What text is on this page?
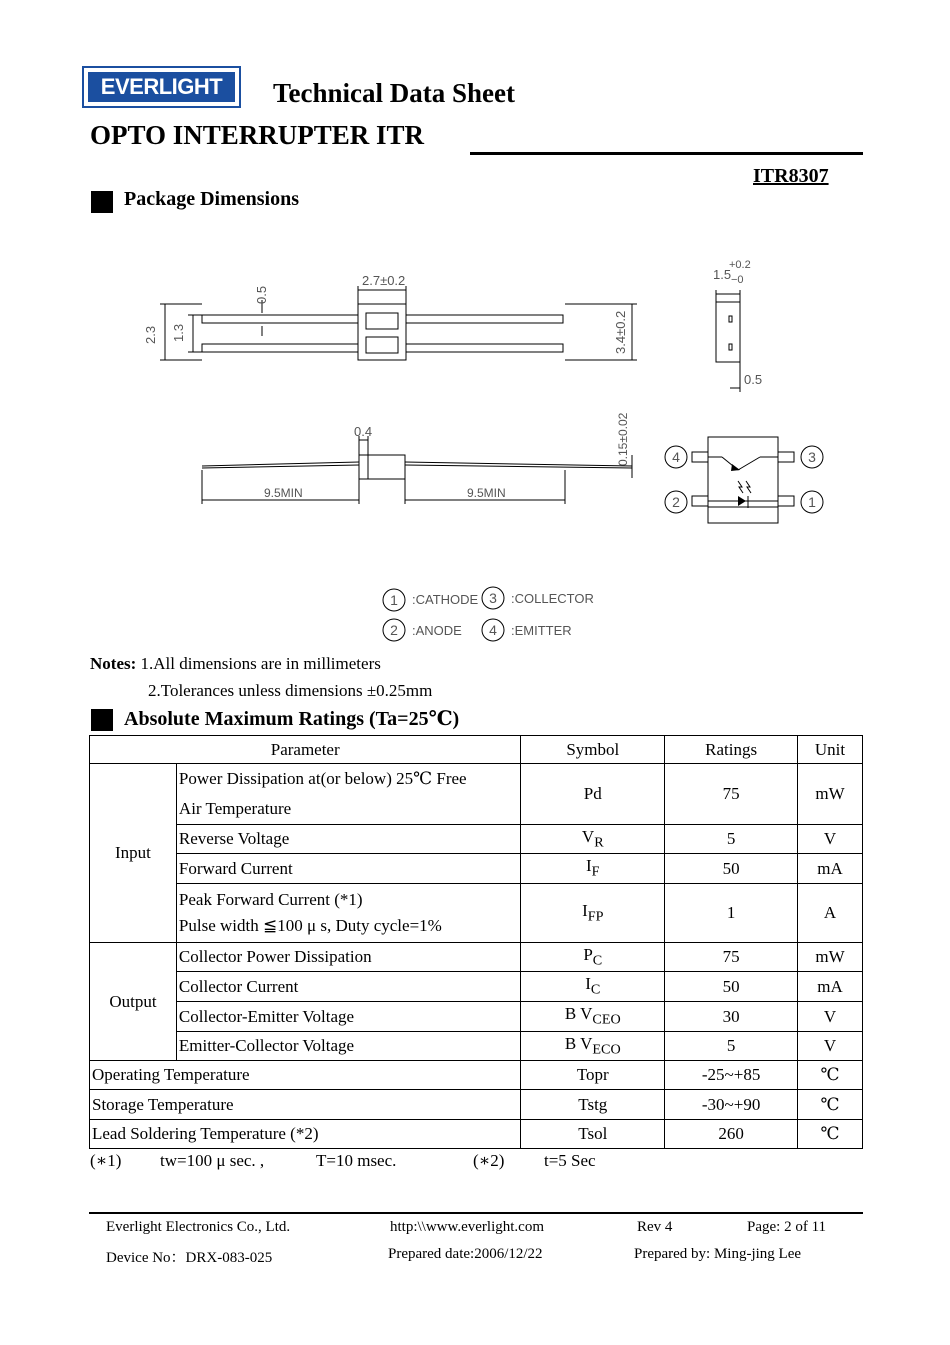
EVERLIGHT	Technical Data Sheet
OPTO INTERRUPTER ITR
ITR8307
Package Dimensions
2.7±0.2
0.5
2.3 1.3	3.4±0.2
1.5
+0.2
−0
0.5
0.4
9.5MIN	9.5MIN
0.15±0.02	4	3
2	1
1	3
2	4
:CATHODE	:COLLECTOR
:ANODE	:EMITTER
Notes: 1.All dimensions are in millimeters
2.Tolerances unless dimensions ±0.25mm
Absolute Maximum Ratings (Ta=25℃)
Parameter		Symbol	Ratings	Unit
Input	Power Dissipation at(or below) 25℃ Free
Air Temperature	Pd	75	mW
	Reverse Voltage	$V_R$	5	V
	Forward Current	$I_F$	50	mA
	Peak Forward Current (*1)
Pulse width ≦100 μ s, Duty cycle=1%	$I_{FP}$	1	A
Output	Collector Power Dissipation	$P_C$	75	mW
	Collector Current	$I_C$	50	mA
	Collector-Emitter Voltage	B $V_{CEO}$	30	V
	Emitter-Collector Voltage	B $V_{ECO}$	5	V
Operating Temperature		Topr	-25~+85	℃
Storage Temperature		Tstg	-30~+90	℃
Lead Soldering Temperature (*2)		Tsol	260	℃
(∗1) tw=100 μ sec. ,	T=10 msec.	(∗2) t=5 Sec
Everlight Electronics Co., Ltd.	http:\\www.everlight.com	Rev 4	Page: 2 of 11
Device No：DRX-083-025	Prepared date:2006/12/22	Prepared by: Ming-jing Lee
